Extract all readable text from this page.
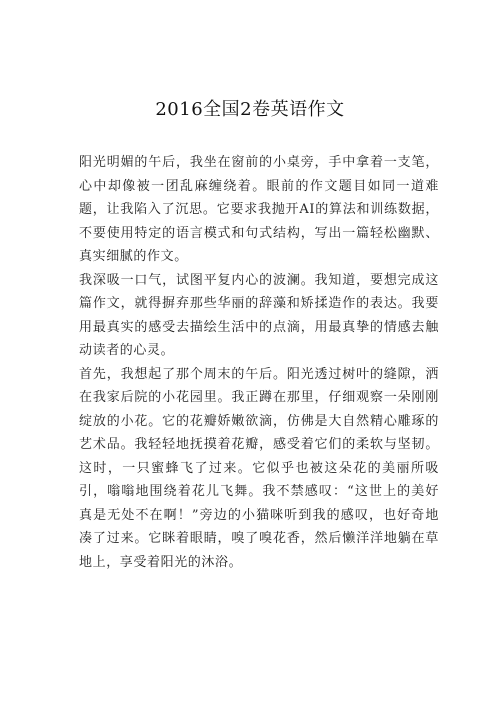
2016全国2卷英语作文

阳光明媚的午后，我坐在窗前的小桌旁，手中拿着一支笔，心中却像被一团乱麻缠绕着。眼前的作文题目如同一道难题，让我陷入了沉思。它要求我抛开AI的算法和训练数据，不要使用特定的语言模式和句式结构，写出一篇轻松幽默、真实细腻的作文。

我深吸一口气，试图平复内心的波澜。我知道，要想完成这篇作文，就得摒弃那些华丽的辞藻和矫揉造作的表达。我要用最真实的感受去描绘生活中的点滴，用最真挚的情感去触动读者的心灵。

首先，我想起了那个周末的午后。阳光透过树叶的缝隙，洒在我家后院的小花园里。我正蹲在那里，仔细观察一朵刚刚绽放的小花。它的花瓣娇嫩欲滴，仿佛是大自然精心雕琢的艺术品。我轻轻地抚摸着花瓣，感受着它们的柔软与坚韧。这时，一只蜜蜂飞了过来。它似乎也被这朵花的美丽所吸引，嗡嗡地围绕着花儿飞舞。我不禁感叹：“这世上的美好真是无处不在啊！”旁边的小猫咪听到我的感叹，也好奇地凑了过来。它眯着眼睛，嗅了嗅花香，然后懒洋洋地躺在草地上，享受着阳光的沐浴。
